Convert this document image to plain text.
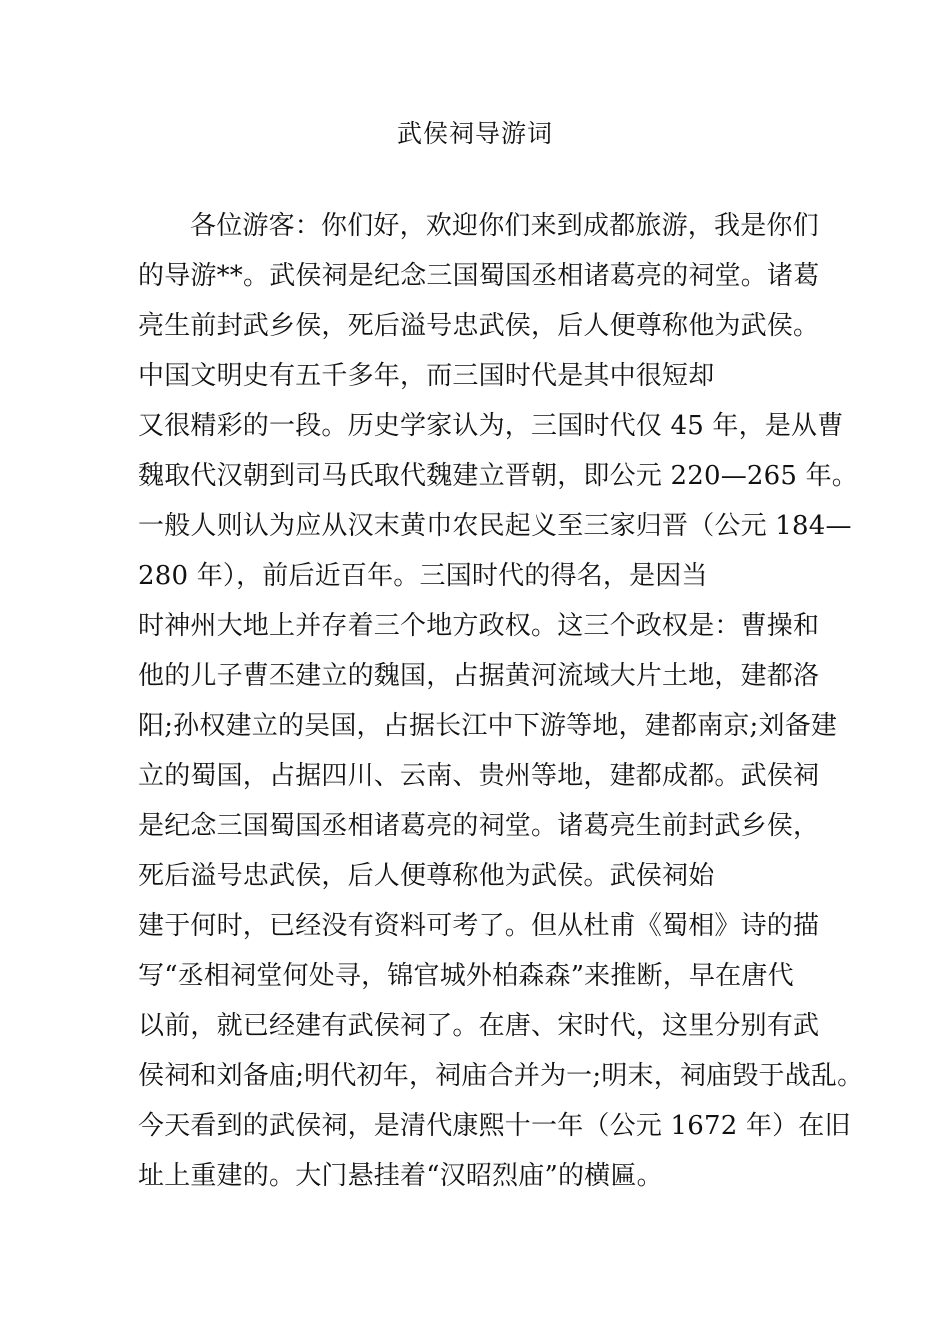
武侯祠导游词
各位游客：你们好，欢迎你们来到成都旅游，我是你们
的导游**。武侯祠是纪念三国蜀国丞相诸葛亮的祠堂。诸葛
亮生前封武乡侯，死后溢号忠武侯，后人便尊称他为武侯。
中国文明史有五千多年，而三国时代是其中很短却
又很精彩的一段。历史学家认为，三国时代仅 45 年，是从曹
魏取代汉朝到司马氏取代魏建立晋朝，即公元 220—265 年。
一般人则认为应从汉末黄巾农民起义至三家归晋（公元 184—
280 年），前后近百年。三国时代的得名，是因当
时神州大地上并存着三个地方政权。这三个政权是：曹操和
他的儿子曹丕建立的魏国，占据黄河流域大片土地，建都洛
阳;孙权建立的吴国，占据长江中下游等地，建都南京;刘备建
立的蜀国，占据四川、云南、贵州等地，建都成都。武侯祠
是纪念三国蜀国丞相诸葛亮的祠堂。诸葛亮生前封武乡侯，
死后溢号忠武侯，后人便尊称他为武侯。武侯祠始
建于何时，已经没有资料可考了。但从杜甫《蜀相》诗的描
写“丞相祠堂何处寻，锦官城外柏森森”来推断，早在唐代
以前，就已经建有武侯祠了。在唐、宋时代，这里分别有武
侯祠和刘备庙;明代初年，祠庙合并为一;明末，祠庙毁于战乱。
今天看到的武侯祠，是清代康熙十一年（公元 1672 年）在旧
址上重建的。大门悬挂着“汉昭烈庙”的横匾。
